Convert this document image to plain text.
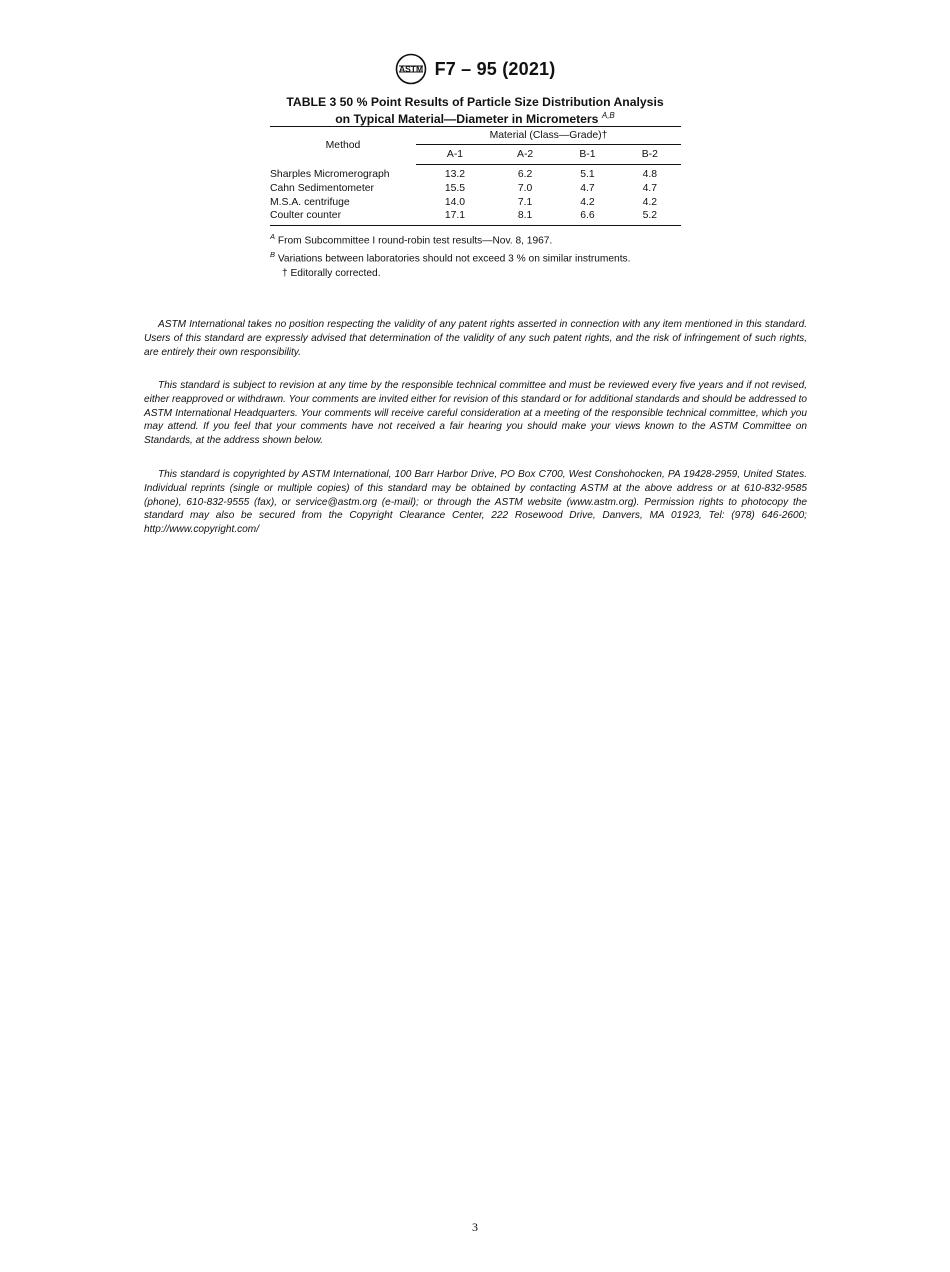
ASTM F7 – 95 (2021)
TABLE 3 50 % Point Results of Particle Size Distribution Analysis
on Typical Material—Diameter in Micrometers $^{A,B}$
Method	Material (Class—Grade)†			
	A-1	A-2	B-1	B-2
Sharples Micromerograph	13.2	6.2	5.1	4.8
Cahn Sedimentometer	15.5	7.0	4.7	4.7
M.S.A. centrifuge	14.0	7.1	4.2	4.2
Coulter counter	17.1	8.1	6.6	5.2
$^A$ From Subcommittee I round-robin test results—Nov. 8, 1967.
$^B$ Variations between laboratories should not exceed 3 % on similar instruments.
† Editorally corrected.

ASTM International takes no position respecting the validity of any patent rights asserted in connection with any item mentioned in this standard. Users of this standard are expressly advised that determination of the validity of any such patent rights, and the risk of infringement of such rights, are entirely their own responsibility.

This standard is subject to revision at any time by the responsible technical committee and must be reviewed every five years and if not revised, either reapproved or withdrawn. Your comments are invited either for revision of this standard or for additional standards and should be addressed to ASTM International Headquarters. Your comments will receive careful consideration at a meeting of the responsible technical committee, which you may attend. If you feel that your comments have not received a fair hearing you should make your views known to the ASTM Committee on Standards, at the address shown below.

This standard is copyrighted by ASTM International, 100 Barr Harbor Drive, PO Box C700, West Conshohocken, PA 19428-2959, United States. Individual reprints (single or multiple copies) of this standard may be obtained by contacting ASTM at the above address or at 610-832-9585 (phone), 610-832-9555 (fax), or service@astm.org (e-mail); or through the ASTM website (www.astm.org). Permission rights to photocopy the standard may also be secured from the Copyright Clearance Center, 222 Rosewood Drive, Danvers, MA 01923, Tel: (978) 646-2600; http://www.copyright.com/

3
